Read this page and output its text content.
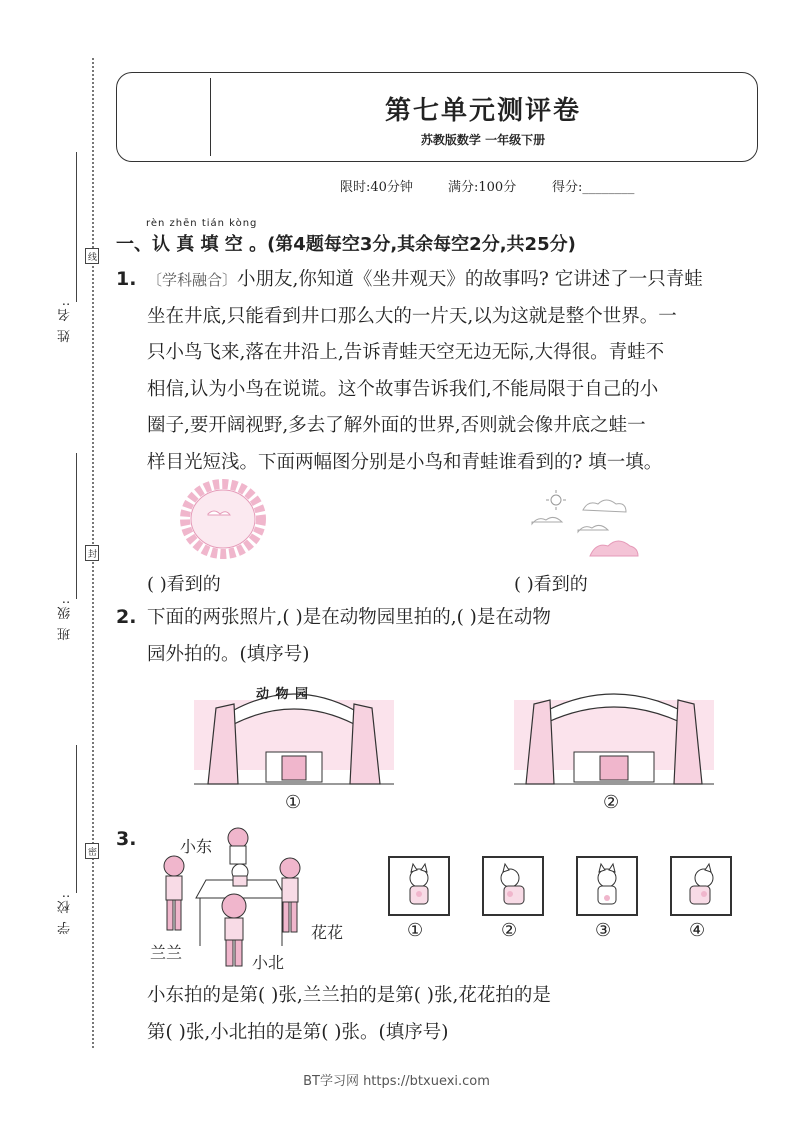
姓 名:
线
班 级:
封
学 校:
密
第七单元测评卷
苏教版数学 一年级下册
限时:40分钟	满分:100分	得分:________
rèn zhēn tián kòng
一、认 真 填 空 。(第4题每空3分,其余每空2分,共25分)
1. 〔学科融合〕小朋友,你知道《坐井观天》的故事吗? 它讲述了一只青蛙
坐在井底,只能看到井口那么大的一片天,以为这就是整个世界。一
只小鸟飞来,落在井沿上,告诉青蛙天空无边无际,大得很。青蛙不
相信,认为小鸟在说谎。这个故事告诉我们,不能局限于自己的小
圈子,要开阔视野,多去了解外面的世界,否则就会像井底之蛙一
样目光短浅。下面两幅图分别是小鸟和青蛙谁看到的? 填一填。
( )看到的	( )看到的
2. 下面的两张照片,( )是在动物园里拍的,( )是在动物
园外拍的。(填序号)
动 物 园
①	②
3.	小东
兰兰
花花
小北
①	②	③	④
小东拍的是第( )张,兰兰拍的是第( )张,花花拍的是
第( )张,小北拍的是第( )张。(填序号)
BT学习网 https://btxuexi.com
